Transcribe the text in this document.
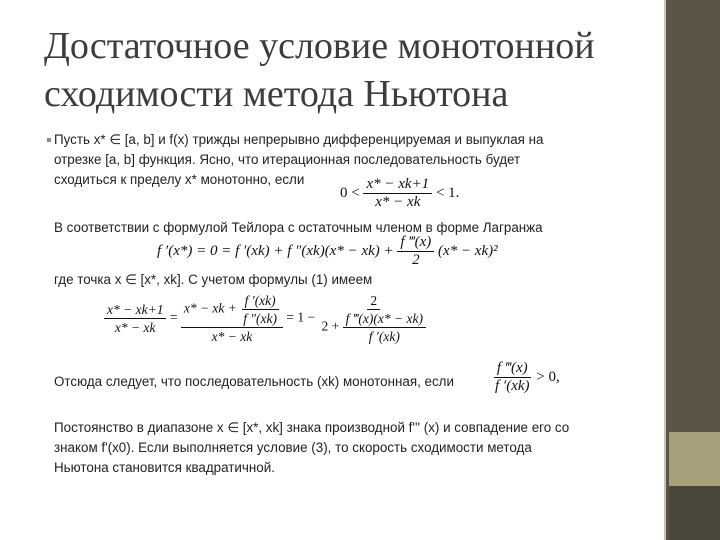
Достаточное условие монотонной
сходимости метода Ньютона
Пусть x* ∈ [a, b] и f(x) трижды непрерывно дифференцируемая и выпуклая на
отрезке [a, b] функция. Ясно, что итерационная последовательность будет
сходиться к пределу x* монотонно, если
$0 < \frac{x* - xk+1}{x* - xk} < 1$.
В соответствии с формулой Тейлора с остаточным членом в форме Лагранжа
f ′(x*) = 0 = f ′(xk) + f $''(xk)(x* - xk) + \frac{f ‴(x)}{2} (x* - xk)^2$
где точка x ∈ [x*, xk]. С учетом формулы (1) имеем
$\frac{x* - xk+1}{x* - xk} = \frac{x* - xk + \frac{f '(xk)}{f ''(xk)}}{x* - xk} = 1 - \frac{2}{2 + \frac{f ‴(x)(x* - xk)}{f '(xk)}}$
Отсюда следует, что последовательность (xk) монотонная, если	$\frac{f ‴(x)}{f '(xk)} > 0$,
Постоянство в диапазоне x ∈ [x*, xk] знака производной f''' (x) и совпадение его со
знаком f'(x0). Если выполняется условие (3), то скорость сходимости метода
Ньютона становится квадратичной.
